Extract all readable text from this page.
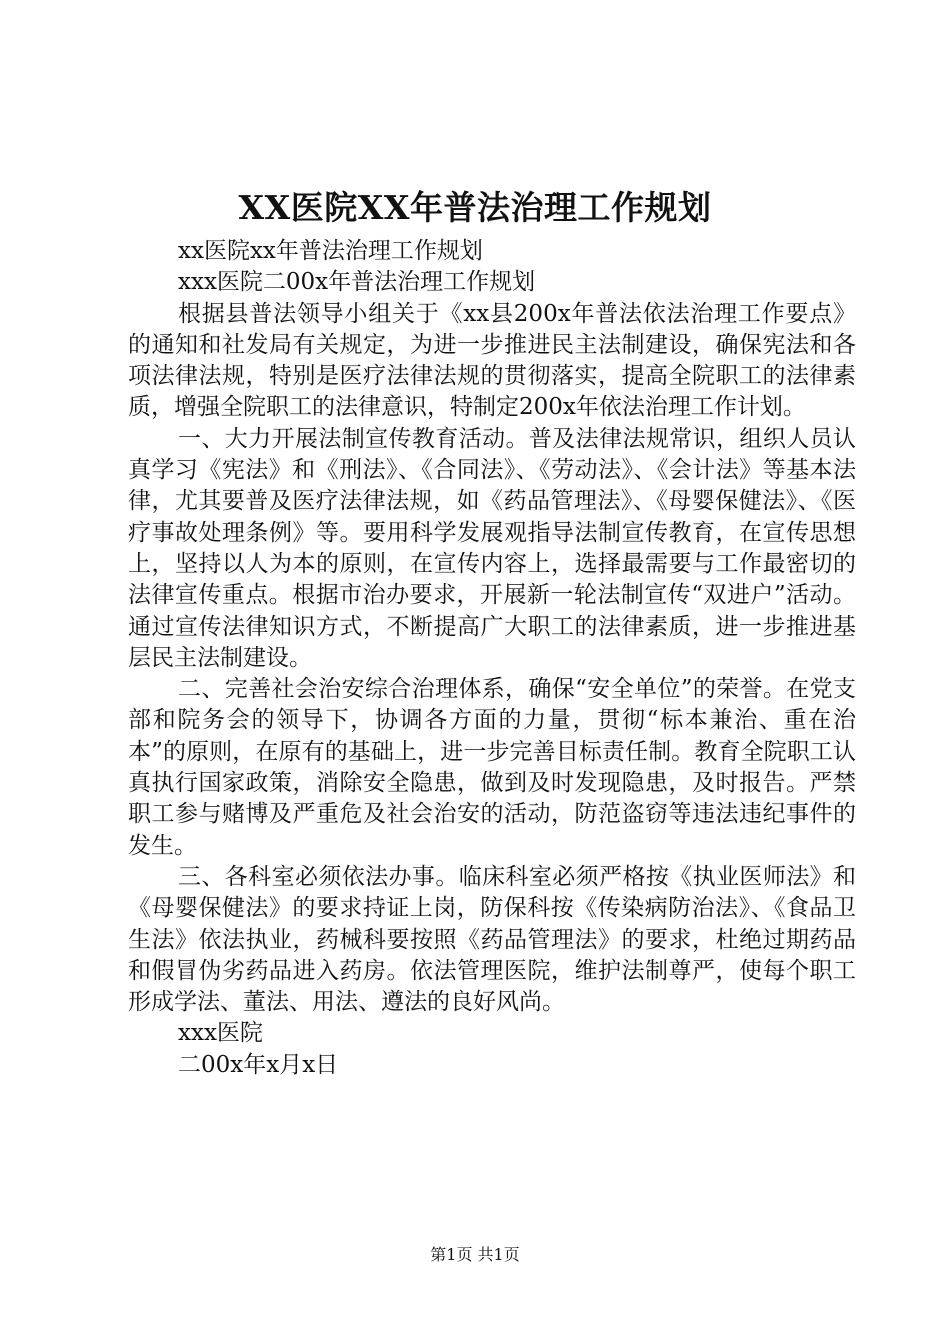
XX医院XX年普法治理工作规划

xx医院xx年普法治理工作规划

xxx医院二00x年普法治理工作规划

根据县普法领导小组关于《xx县200x年普法依法治理工作要点》的通知和社发局有关规定，为进一步推进民主法制建设，确保宪法和各项法律法规，特别是医疗法律法规的贯彻落实，提高全院职工的法律素质，增强全院职工的法律意识，特制定200x年依法治理工作计划。

一、大力开展法制宣传教育活动。普及法律法规常识，组织人员认真学习《宪法》和《刑法》、《合同法》、《劳动法》、《会计法》等基本法律，尤其要普及医疗法律法规，如《药品管理法》、《母婴保健法》、《医疗事故处理条例》等。要用科学发展观指导法制宣传教育，在宣传思想上，坚持以人为本的原则，在宣传内容上，选择最需要与工作最密切的法律宣传重点。根据市治办要求，开展新一轮法制宣传“双进户”活动。通过宣传法律知识方式，不断提高广大职工的法律素质，进一步推进基层民主法制建设。

二、完善社会治安综合治理体系，确保“安全单位”的荣誉。在党支部和院务会的领导下，协调各方面的力量，贯彻“标本兼治、重在治本”的原则，在原有的基础上，进一步完善目标责任制。教育全院职工认真执行国家政策，消除安全隐患，做到及时发现隐患，及时报告。严禁职工参与赌博及严重危及社会治安的活动，防范盗窃等违法违纪事件的发生。

三、各科室必须依法办事。临床科室必须严格按《执业医师法》和《母婴保健法》的要求持证上岗，防保科按《传染病防治法》、《食品卫生法》依法执业，药械科要按照《药品管理法》的要求，杜绝过期药品和假冒伪劣药品进入药房。依法管理医院，维护法制尊严，使每个职工形成学法、董法、用法、遵法的良好风尚。

xxx医院

二00x年x月x日

第1页 共1页
